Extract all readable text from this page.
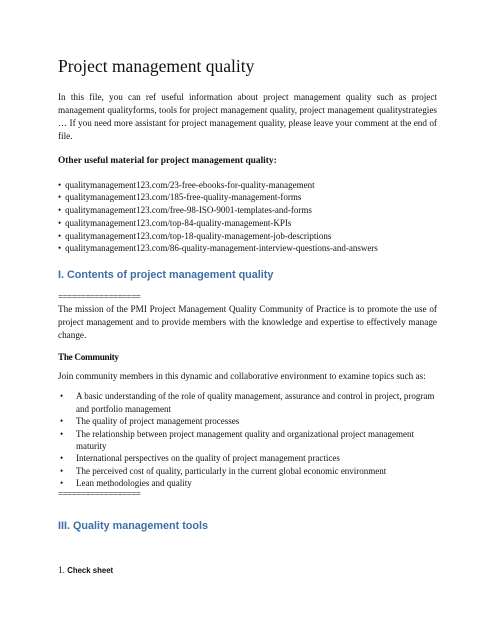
Project management quality

In this file, you can ref useful information about project management quality such as project management qualityforms, tools for project management quality, project management qualitystrategies … If you need more assistant for project management quality, please leave your comment at the end of file.

Other useful material for project management quality:

• qualitymanagement123.com/23-free-ebooks-for-quality-management
• qualitymanagement123.com/185-free-quality-management-forms
• qualitymanagement123.com/free-98-ISO-9001-templates-and-forms
• qualitymanagement123.com/top-84-quality-management-KPIs
• qualitymanagement123.com/top-18-quality-management-job-descriptions
• qualitymanagement123.com/86-quality-management-interview-questions-and-answers
I. Contents of project management quality

==================

The mission of the PMI Project Management Quality Community of Practice is to promote the use of project management and to provide members with the knowledge and expertise to effectively manage change.

The Community

Join community members in this dynamic and collaborative environment to examine topics such as:

• A basic understanding of the role of quality management, assurance and control in project, program and portfolio management
• The quality of project management processes
• The relationship between project management quality and organizational project management maturity
• International perspectives on the quality of project management practices
• The perceived cost of quality, particularly in the current global economic environment
• Lean methodologies and quality

==================

III. Quality management tools

1. Check sheet
